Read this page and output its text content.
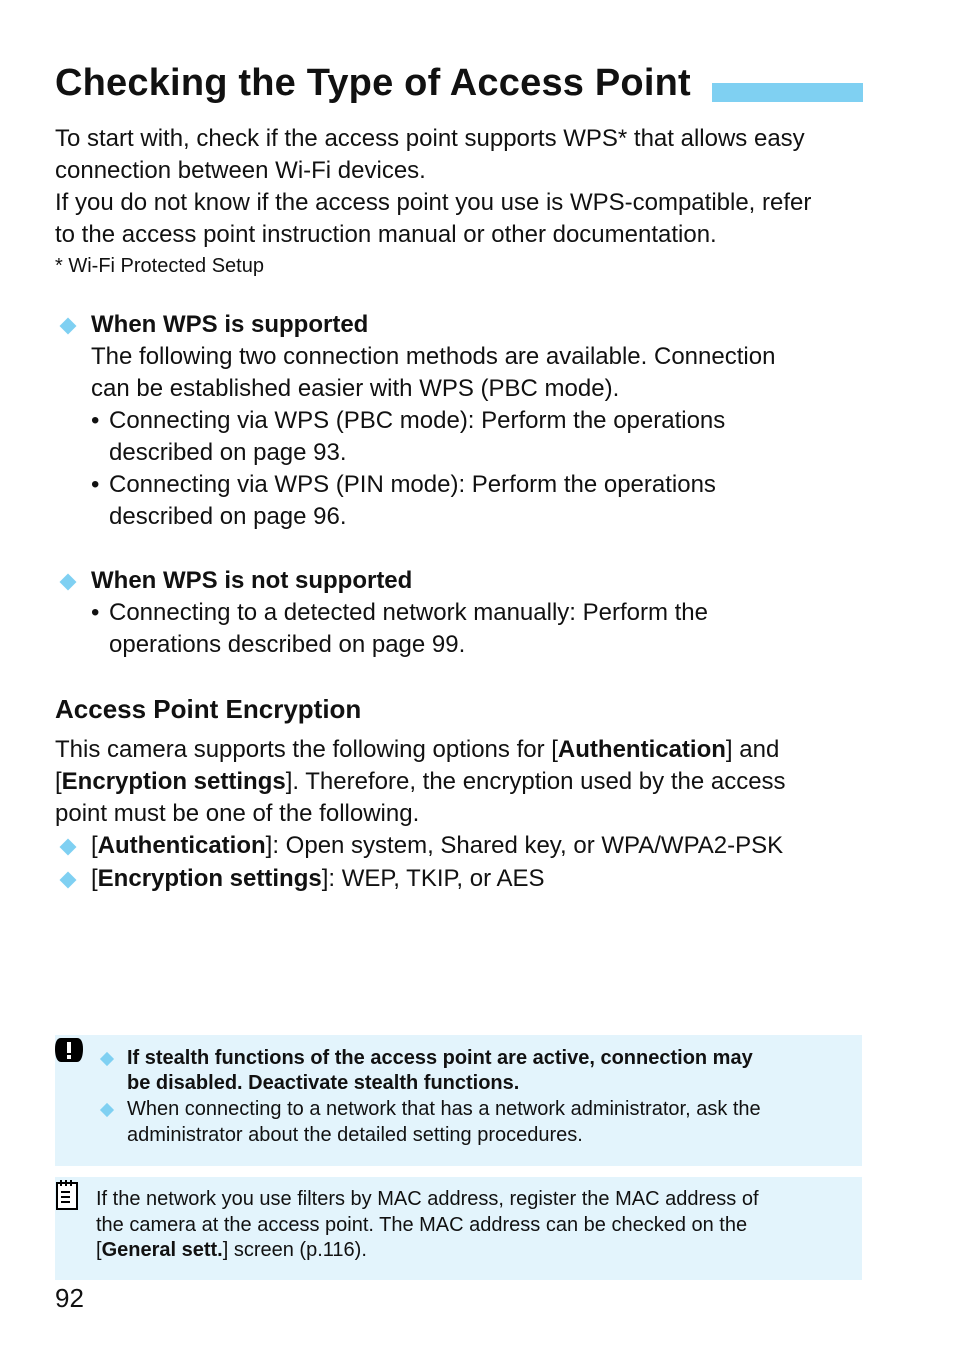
Checking the Type of Access Point

To start with, check if the access point supports WPS* that allows easy

connection between Wi-Fi devices.

If you do not know if the access point you use is WPS-compatible, refer

to the access point instruction manual or other documentation.

* Wi-Fi Protected Setup
When WPS is supported
The following two connection methods are available. Connection
can be established easier with WPS (PBC mode).
• Connecting via WPS (PBC mode): Perform the operations
described on page 93.
• Connecting via WPS (PIN mode): Perform the operations
described on page 96.
When WPS is not supported
• Connecting to a detected network manually: Perform the
operations described on page 99.
Access Point Encryption

This camera supports the following options for [Authentication] and

[Encryption settings]. Therefore, the encryption used by the access

point must be one of the following.

[Authentication]: Open system, Shared key, or WPA/WPA2-PSK
[Encryption settings]: WEP, TKIP, or AES
If stealth functions of the access point are active, connection may
be disabled. Deactivate stealth functions.
When connecting to a network that has a network administrator, ask the
administrator about the detailed setting procedures.
If the network you use filters by MAC address, register the MAC address of
the camera at the access point. The MAC address can be checked on the
[General sett.] screen (p.116).
92
